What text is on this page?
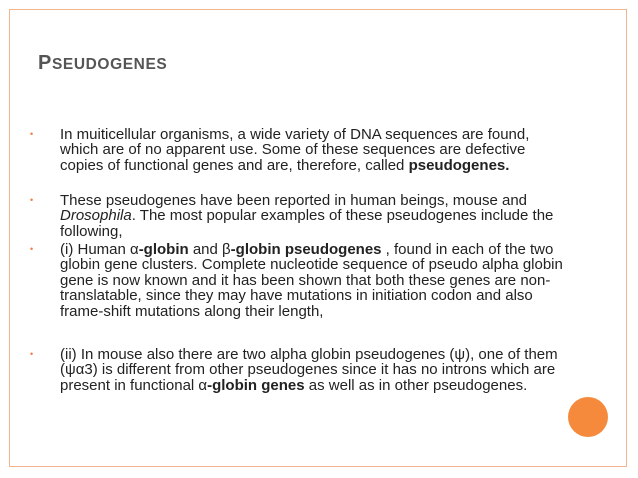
PSEUDOGENES
• In muiticellular organisms, a wide variety of DNA sequences are found, which are of no apparent use. Some of these sequences are defective copies of functional genes and are, therefore, called pseudogenes.
• These pseudogenes have been reported in human beings, mouse and Drosophila. The most popular examples of these pseudogenes include the following,
• (i) Human α-globin and β-globin pseudogenes , found in each of the two globin gene clusters. Complete nucleotide sequence of pseudo alpha globin gene is now known and it has been shown that both these genes are non-translatable, since they may have mutations in initiation codon and also frame-shift mutations along their length,
• (ii) In mouse also there are two alpha globin pseudogenes (ψ), one of them (ψα3) is different from other pseudogenes since it has no introns which are present in functional α-globin genes as well as in other pseudogenes.
